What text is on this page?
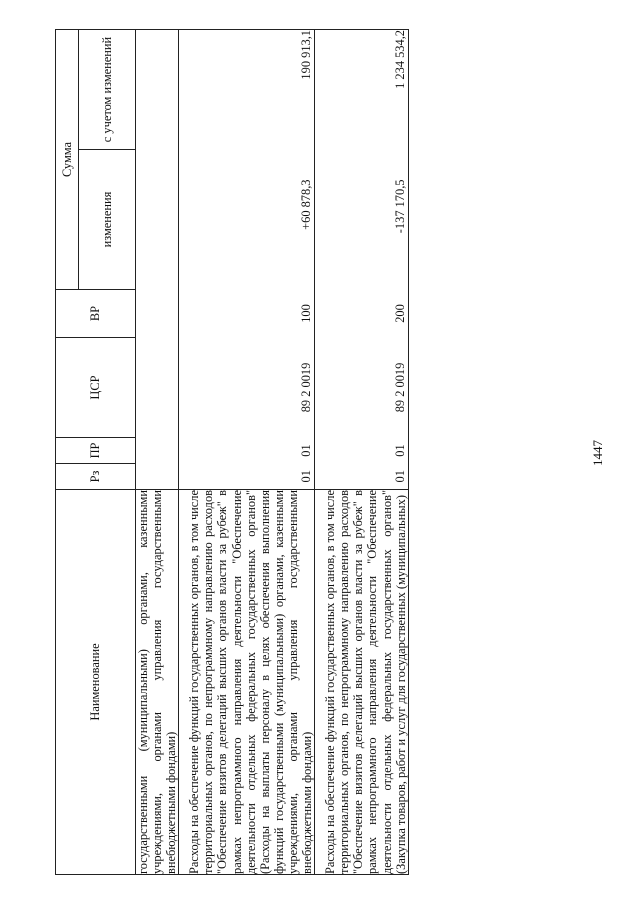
1447
Наименование	Рз	ПР	ЦСР	ВР	Сумма	
					изменения	с учетом изменений
государственными (муниципальными) органами, казенными учреждениями, органами управления государственными внебюджетными фондами)						
Расходы на обеспечение функций государственных органов, в том числе территориальных органов, по непрограммному направлению расходов "Обеспечение визитов делегаций высших органов власти за рубеж" в рамках непрограммного направления деятельности "Обеспечение деятельности отдельных федеральных государственных органов" (Расходы на выплаты персоналу в целях обеспечения выполнения функций государственными (муниципальными) органами, казенными учреждениями, органами управления государственными внебюджетными фондами)	01	01	89 2 0019	100	+60 878,3	190 913,1
Расходы на обеспечение функций государственных органов, в том числе территориальных органов, по непрограммному направлению расходов "Обеспечение визитов делегаций высших органов власти за рубеж" в рамках непрограммного направления деятельности "Обеспечение деятельности отдельных федеральных государственных органов" (Закупка товаров, работ и услуг для государственных (муниципальных)	01	01	89 2 0019	200	-137 170,5	1 234 534,2
